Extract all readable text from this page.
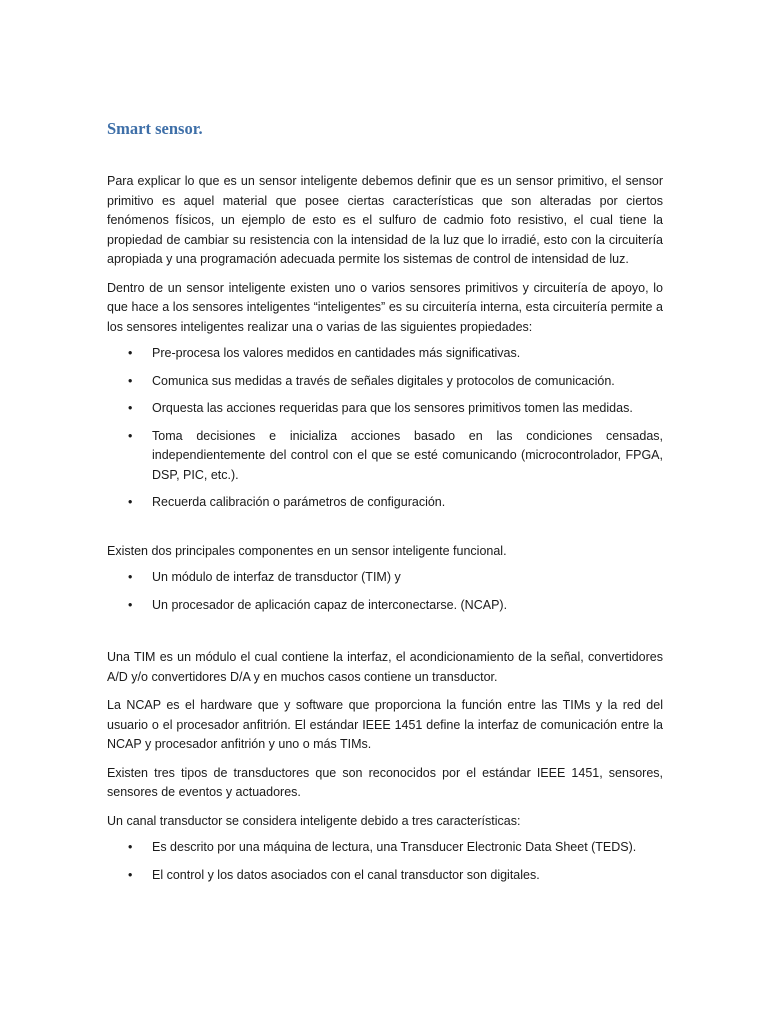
Smart sensor.

Para explicar lo que es un sensor inteligente debemos definir que es un sensor primitivo, el sensor primitivo es aquel material que posee ciertas características que son alteradas por ciertos fenómenos físicos, un ejemplo de esto es el sulfuro de cadmio foto resistivo, el cual tiene la propiedad de cambiar su resistencia con la intensidad de la luz que lo irradié, esto con la circuitería apropiada y una programación adecuada permite los sistemas de control de intensidad de luz.

Dentro de un sensor inteligente existen uno o varios sensores primitivos y circuitería de apoyo, lo que hace a los sensores inteligentes “inteligentes” es su circuitería interna, esta circuitería permite a los sensores inteligentes realizar una o varias de las siguientes propiedades:

• Pre-procesa los valores medidos en cantidades más significativas.
• Comunica sus medidas a través de señales digitales y protocolos de comunicación.
• Orquesta las acciones requeridas para que los sensores primitivos tomen las medidas.
• Toma decisiones e inicializa acciones basado en las condiciones censadas, independientemente del control con el que se esté comunicando (microcontrolador, FPGA, DSP, PIC, etc.).
• Recuerda calibración o parámetros de configuración.

Existen dos principales componentes en un sensor inteligente funcional.

• Un módulo de interfaz de transductor (TIM) y
• Un procesador de aplicación capaz de interconectarse. (NCAP).

Una TIM es un módulo el cual contiene la interfaz, el acondicionamiento de la señal, convertidores A/D y/o convertidores D/A y en muchos casos contiene un transductor.

La NCAP es el hardware que y software que proporciona la función entre las TIMs y la red del usuario o el procesador anfitrión. El estándar IEEE 1451 define la interfaz de comunicación entre la NCAP y procesador anfitrión y uno o más TIMs.

Existen tres tipos de transductores que son reconocidos por el estándar IEEE 1451, sensores, sensores de eventos y actuadores.

Un canal transductor se considera inteligente debido a tres características:

• Es descrito por una máquina de lectura, una Transducer Electronic Data Sheet (TEDS).
• El control y los datos asociados con el canal transductor son digitales.
